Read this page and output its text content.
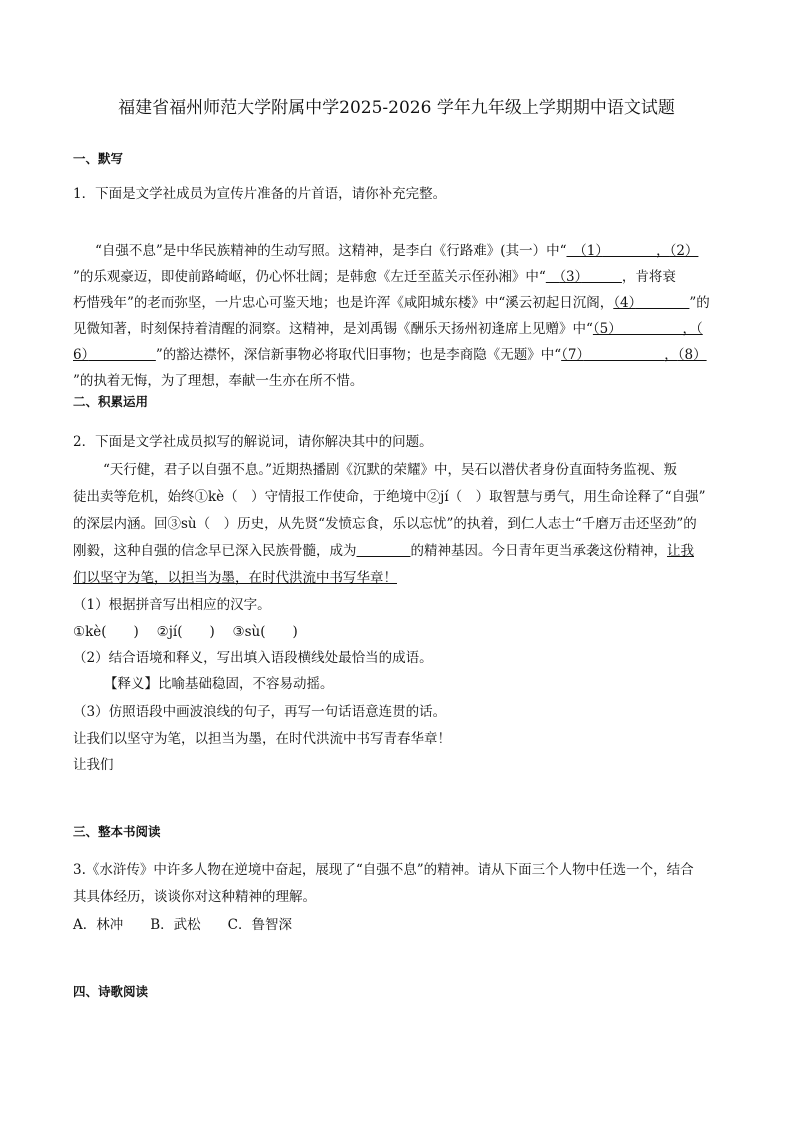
福建省福州师范大学附属中学2025-2026 学年九年级上学期期中语文试题
一、默写
1．下面是文学社成员为宣传片准备的片首语，请你补充完整。
“自强不息”是中华民族精神的生动写照。这精神，是李白《行路难》(其一）中“　 （1）　　　　	，（2）
”的乐观豪迈，即使前路崎岖，仍心怀壮阔；是韩愈《左迁至蓝关示侄孙湘》中“　 （3）　　　	，肯将衰
朽惜残年”的老而弥坚，一片忠心可鉴天地；也是许浑《咸阳城东楼》中“溪云初起日沉阁，（4）　　　　	”的
见微知著，时刻保持着清醒的洞察。这精神，是刘禹锡《酬乐天扬州初逢席上见赠》中“（5）　　　　　	，（
6）　　　　　	”的豁达襟怀，深信新事物必将取代旧事物；也是李商隐《无题》中“（7）　　　　　　	，（8）
”的执着无悔，为了理想，奉献一生亦在所不惜。
二、积累运用
2．下面是文学社成员拟写的解说词，请你解决其中的问题。
“天行健，君子以自强不息。”近期热播剧《沉默的荣耀》中，吴石以潜伏者身份直面特务监视、叛
徒出卖等危机，始终①kè（　）守情报工作使命，于绝境中②jí（　）取智慧与勇气，用生命诠释了“自强”
的深层内涵。回③sù（　）历史，从先贤“发愤忘食，乐以忘忧”的执着，到仁人志士“千磨万击还坚劲”的
刚毅，这种自强的信念早已深入民族骨髓，成为　　　　	的精神基因。今日青年更当承袭这份精神，让我
们以坚守为笔，以担当为墨，在时代洪流中书写华章！
（1）根据拼音写出相应的汉字。
①kè(　　)　 ②jí(　　)　 ③sù(　　)
（2）结合语境和释义，写出填入语段横线处最恰当的成语。
【释义】比喻基础稳固，不容易动摇。
（3）仿照语段中画波浪线的句子，再写一句话语意连贯的话。
让我们以坚守为笔，以担当为墨，在时代洪流中书写青春华章！
让我们
三、整本书阅读
3.《水浒传》中许多人物在逆境中奋起，展现了“自强不息”的精神。请从下面三个人物中任选一个，结合
其具体经历，谈谈你对这种精神的理解。
A．林冲　　B．武松　　C．鲁智深
四、诗歌阅读
